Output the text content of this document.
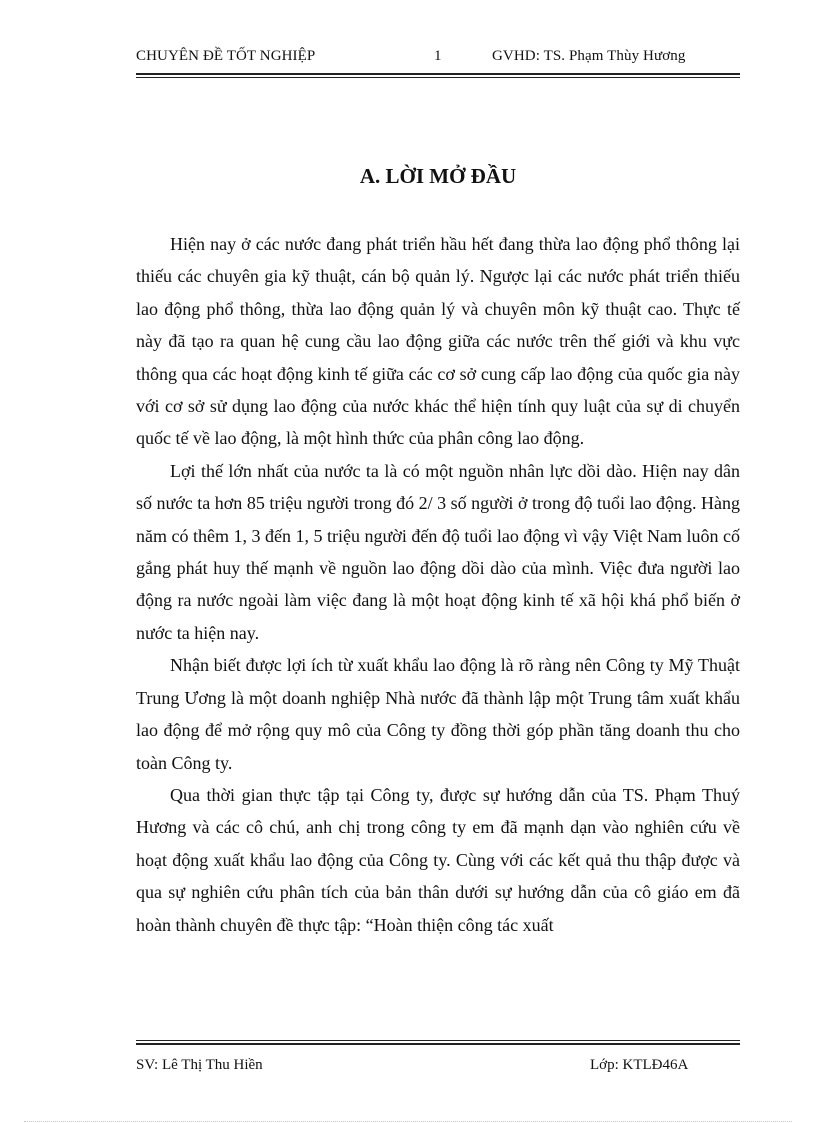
CHUYÊN ĐỀ TỐT NGHIỆP	1	GVHD: TS. Phạm Thùy Hương
A. LỜI MỞ ĐẦU

Hiện nay ở các nước đang phát triển hầu hết đang thừa lao động phổ thông lại thiếu các chuyên gia kỹ thuật, cán bộ quản lý. Ngược lại các nước phát triển thiếu lao động phổ thông, thừa lao động quản lý và chuyên môn kỹ thuật cao. Thực tế này đã tạo ra quan hệ cung cầu lao động giữa các nước trên thế giới và khu vực thông qua các hoạt động kinh tế giữa các cơ sở cung cấp lao động của quốc gia này với cơ sở sử dụng lao động của nước khác thể hiện tính quy luật của sự di chuyển quốc tế về lao động, là một hình thức của phân công lao động.

Lợi thế lớn nhất của nước ta là có một nguồn nhân lực dồi dào. Hiện nay dân số nước ta hơn 85 triệu người trong đó 2/ 3 số người ở trong độ tuổi lao động. Hàng năm có thêm 1, 3 đến 1, 5 triệu người đến độ tuổi lao động vì vậy Việt Nam luôn cố gắng phát huy thế mạnh về nguồn lao động dồi dào của mình. Việc đưa người lao động ra nước ngoài làm việc đang là một hoạt động kinh tế xã hội khá phổ biến ở nước ta hiện nay.

Nhận biết được lợi ích từ xuất khẩu lao động là rõ ràng nên Công ty Mỹ Thuật Trung Ương là một doanh nghiệp Nhà nước đã thành lập một Trung tâm xuất khẩu lao động để mở rộng quy mô của Công ty đồng thời góp phần tăng doanh thu cho toàn Công ty.

Qua thời gian thực tập tại Công ty, được sự hướng dẫn của TS. Phạm Thuý Hương và các cô chú, anh chị trong công ty em đã mạnh dạn vào nghiên cứu về hoạt động xuất khẩu lao động của Công ty. Cùng với các kết quả thu thập được và qua sự nghiên cứu phân tích của bản thân dưới sự hướng dẫn của cô giáo em đã hoàn thành chuyên đề thực tập: “Hoàn thiện công tác xuất

SV: Lê Thị Thu Hiền	Lớp: KTLĐ46A
